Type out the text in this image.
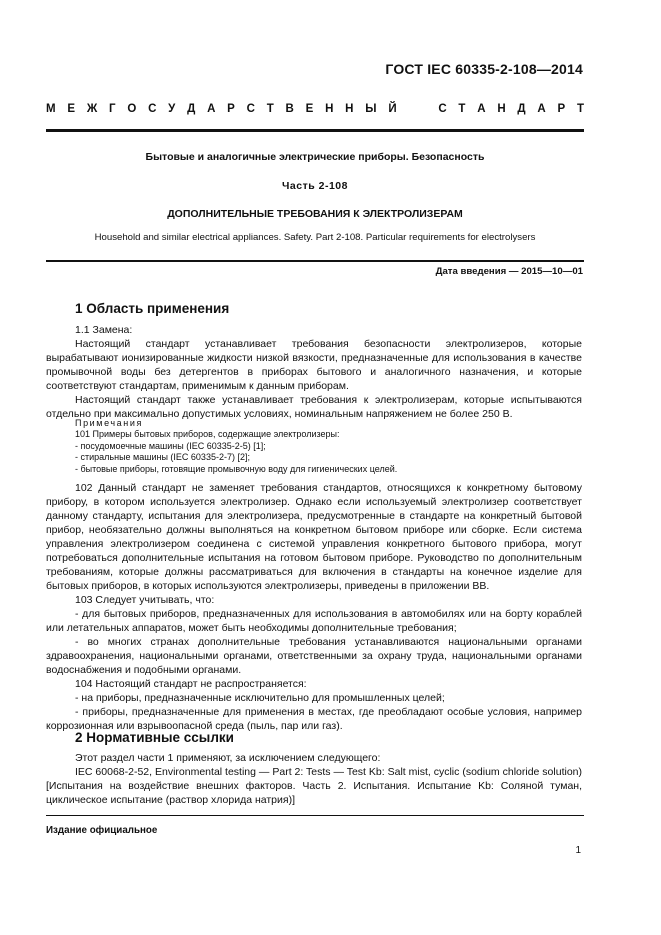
ГОСТ IEC 60335-2-108—2014
М Е Ж Г О С У Д А Р С Т В Е Н Н Ы Й

	С Т А Н Д А Р Т
Бытовые и аналогичные электрические приборы. Безопасность
Часть 2-108
ДОПОЛНИТЕЛЬНЫЕ ТРЕБОВАНИЯ К ЭЛЕКТРОЛИЗЕРАМ
Household and similar electrical appliances. Safety. Part 2-108. Particular requirements for electrolysers
Дата введения — 2015—10—01
1 Область применения

1.1 Замена:

Настоящий стандарт устанавливает требования безопасности электролизеров, которые вырабатывают ионизированные жидкости низкой вязкости, предназначенные для использования в качестве промывочной воды без детергентов в приборах бытового и аналогичного назначения, и которые соответствуют стандартам, применимым к данным приборам.

Настоящий стандарт также устанавливает требования к электролизерам, которые испытываются отдельно при максимально допустимых условиях, номинальным напряжением не более 250 В.

Примечания
101 Примеры бытовых приборов, содержащие электролизеры:
- посудомоечные машины (IEC 60335-2-5) [1];
- стиральные машины (IEC 60335-2-7) [2];
- бытовые приборы, готовящие промывочную воду для гигиенических целей.

102 Данный стандарт не заменяет требования стандартов, относящихся к конкретному бытовому прибору, в котором используется электролизер. Однако если используемый электролизер соответствует данному стандарту, испытания для электролизера, предусмотренные в стандарте на конкретный бытовой прибор, необязательно должны выполняться на конкретном бытовом приборе или сборке. Если система управления электролизером соединена с системой управления конкретного бытового прибора, могут потребоваться дополнительные испытания на готовом бытовом приборе. Руководство по дополнительным требованиям, которые должны рассматриваться для включения в стандарты на конечное изделие для бытовых приборов, в которых используются электролизеры, приведены в приложении ВВ.

103 Следует учитывать, что:

- для бытовых приборов, предназначенных для использования в автомобилях или на борту кораблей или летательных аппаратов, может быть необходимы дополнительные требования;

- во многих странах дополнительные требования устанавливаются национальными органами здравоохранения, национальными органами, ответственными за охрану труда, национальными органами водоснабжения и подобными органами.

104 Настоящий стандарт не распространяется:

- на приборы, предназначенные исключительно для промышленных целей;

- приборы, предназначенные для применения в местах, где преобладают особые условия, например коррозионная или взрывоопасной среда (пыль, пар или газ).

2 Нормативные ссылки

Этот раздел части 1 применяют, за исключением следующего:

IEC 60068-2-52, Environmental testing — Part 2: Tests — Test Kb: Salt mist, cyclic (sodium chloride solution) [Испытания на воздействие внешних факторов. Часть 2. Испытания. Испытание Kb: Соляной туман, циклическое испытание (раствор хлорида натрия)]

Издание официальное
1
